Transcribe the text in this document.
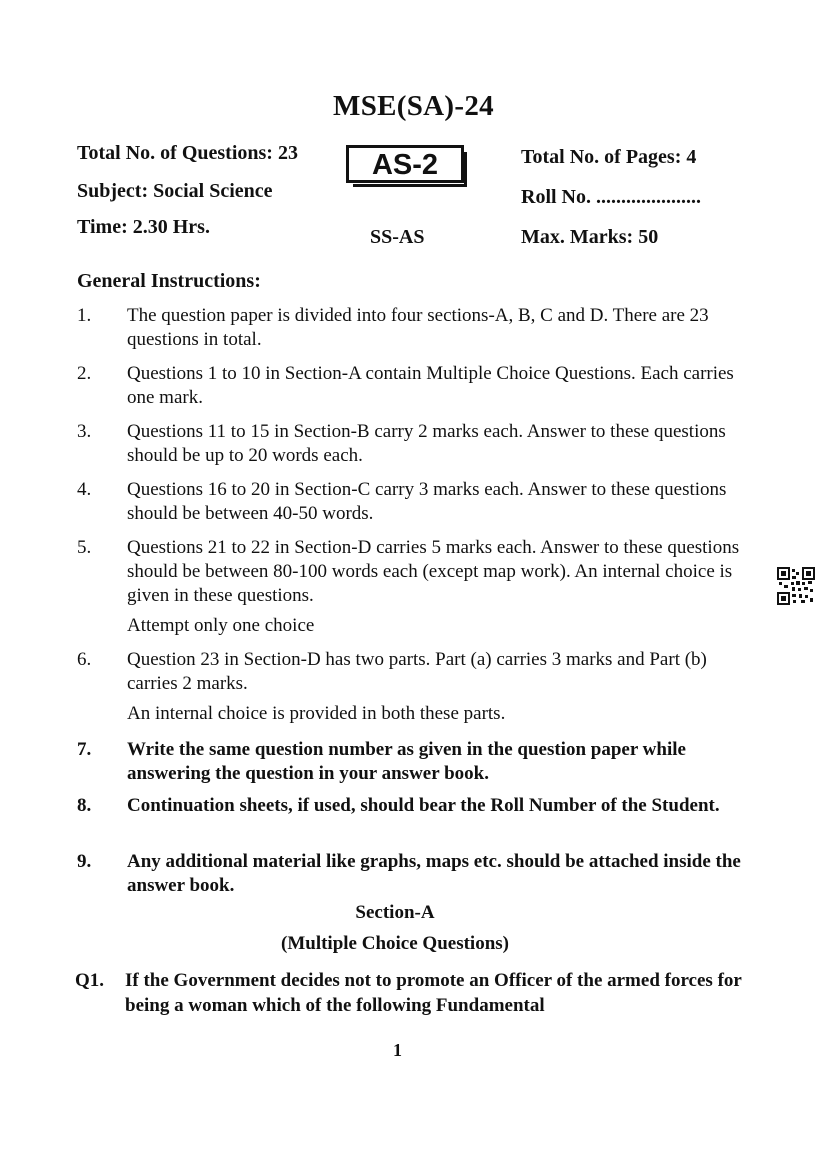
MSE(SA)-24
Total No. of Questions: 23	AS-2	Total No. of Pages: 4
Subject: Social Science	Roll No. .....................
Time: 2.30 Hrs.	SS-AS	Max. Marks: 50
General Instructions:
1.	The question paper is divided into four sections-A, B, C and D. There are 23 questions in total.
2.	Questions 1 to 10 in Section-A contain Multiple Choice Questions. Each carries one mark.
3.	Questions 11 to 15 in Section-B carry 2 marks each. Answer to these questions should be up to 20 words each.
4.	Questions 16 to 20 in Section-C carry 3 marks each. Answer to these questions should be between 40-50 words.
5.	Questions 21 to 22 in Section-D carries 5 marks each. Answer to these questions should be between 80-100 words each (except map work). An internal choice is given in these questions.
Attempt only one choice
6.	Question 23 in Section-D has two parts. Part (a) carries 3 marks and Part (b) carries 2 marks.
An internal choice is provided in both these parts.
7.	Write the same question number as given in the question paper while answering the question in your answer book.
8.	Continuation sheets, if used, should bear the Roll Number of the Student.
9.	Any additional material like graphs, maps etc. should be attached inside the answer book.
Section-A
(Multiple Choice Questions)
Q1.	If the Government decides not to promote an Officer of the armed forces for being a woman which of the following Fundamental
1
